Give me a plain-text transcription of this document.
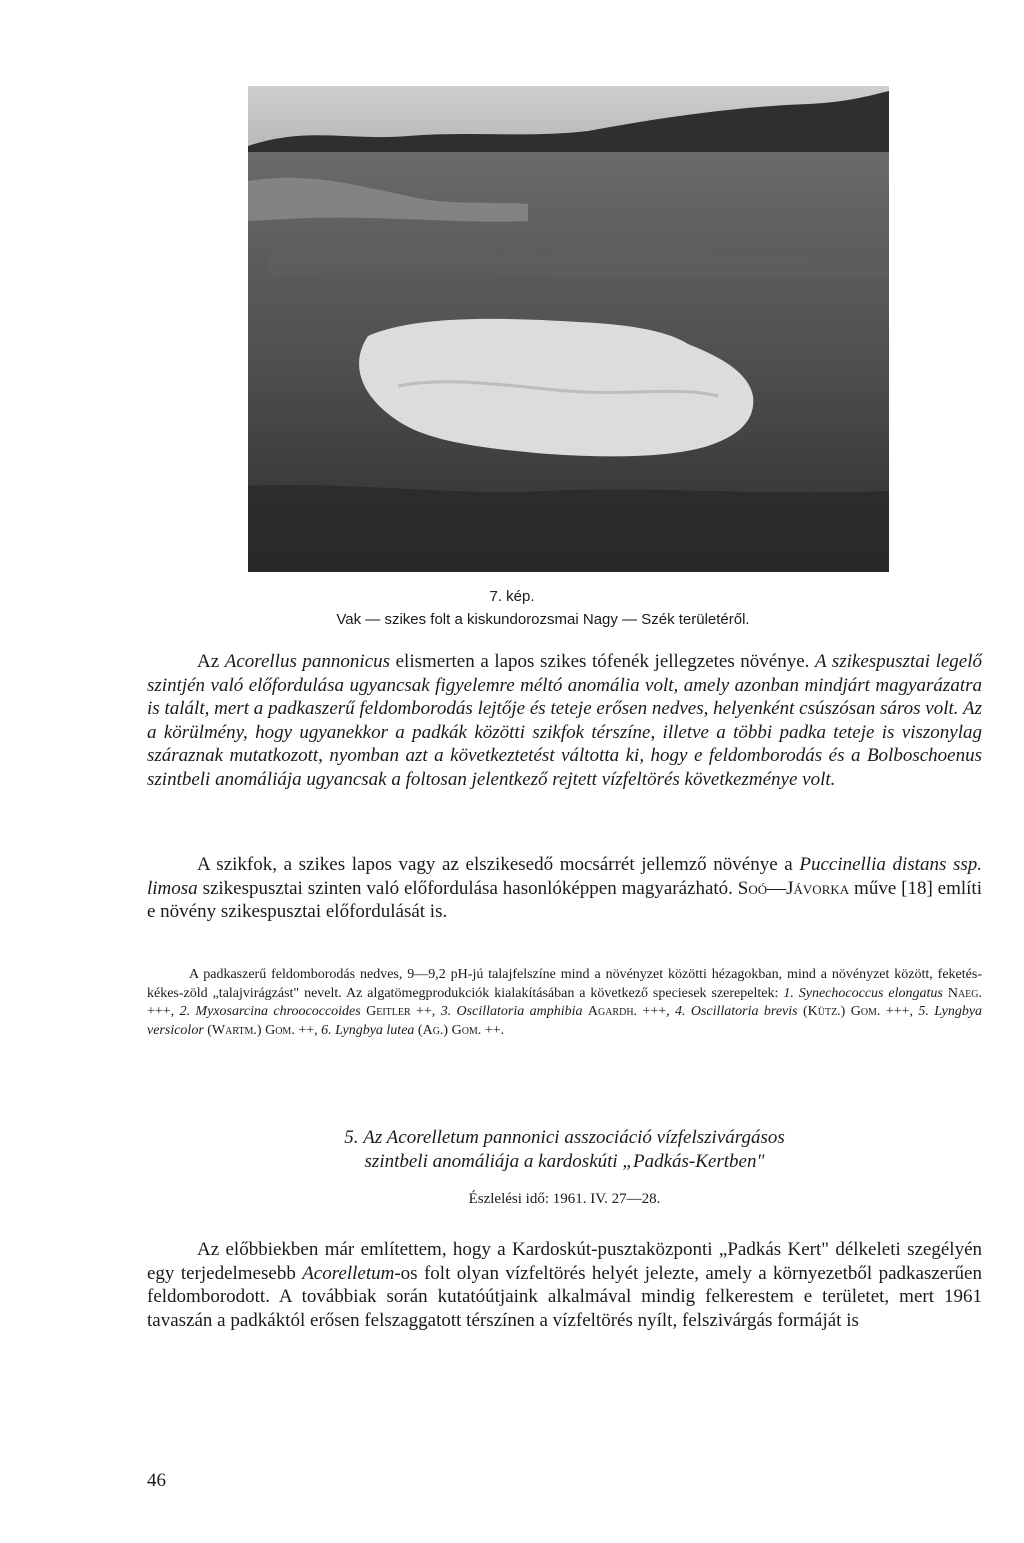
7. kép.
Vak — szikes folt a kiskundorozsmai Nagy — Szék területéről.
Az Acorellus pannonicus elismerten a lapos szikes tófenék jellegzetes növénye. A szikespusztai legelő szintjén való előfordulása ugyancsak figyelemre méltó anomália volt, amely azonban mindjárt magyarázatra is talált, mert a padkaszerű feldomborodás lejtője és teteje erősen nedves, helyenként csúszósan sáros volt. Az a körülmény, hogy ugyanekkor a padkák közötti szikfok térszíne, illetve a többi padka teteje is viszonylag száraznak mutatkozott, nyomban azt a következtetést váltotta ki, hogy e feldomborodás és a Bolboschoenus szintbeli anomáliája ugyancsak a foltosan jelentkező rejtett vízfeltörés következménye volt.
A szikfok, a szikes lapos vagy az elszikesedő mocsárrét jellemző növénye a Puccinellia distans ssp. limosa szikespusztai szinten való előfordulása hasonlóképpen magyarázható. Soó—Jávorka műve [18] említi e növény szikespusztai előfordulását is.
A padkaszerű feldomborodás nedves, 9—9,2 pH-jú talajfelszíne mind a növényzet közötti hézagokban, mind a növényzet között, feketés-kékes-zöld „talajvirágzást" nevelt. Az algatömegprodukciók kialakításában a következő speciesek szerepeltek: 1. Synechococcus elongatus Naeg. +++, 2. Myxosarcina chroococcoides Geitler ++, 3. Oscillatoria amphibia Agardh. +++, 4. Oscillatoria brevis (Kütz.) Gom. +++, 5. Lyngbya versicolor (Wartm.) Gom. ++, 6. Lyngbya lutea (Ag.) Gom. ++.
5. Az Acorelletum pannonici asszociáció vízfelszivárgásos
szintbeli anomáliája a kardoskúti „Padkás-Kertben"
Észlelési idő: 1961. IV. 27—28.
Az előbbiekben már említettem, hogy a Kardoskút-pusztaközponti „Padkás Kert" délkeleti szegélyén egy terjedelmesebb Acorelletum-os folt olyan vízfeltörés helyét jelezte, amely a környezetből padkaszerűen feldomborodott. A továbbiak során kutatóútjaink alkalmával mindig felkerestem e területet, mert 1961 tavaszán a padkáktól erősen felszaggatott térszínen a vízfeltörés nyílt, felszivárgás formáját is
46
